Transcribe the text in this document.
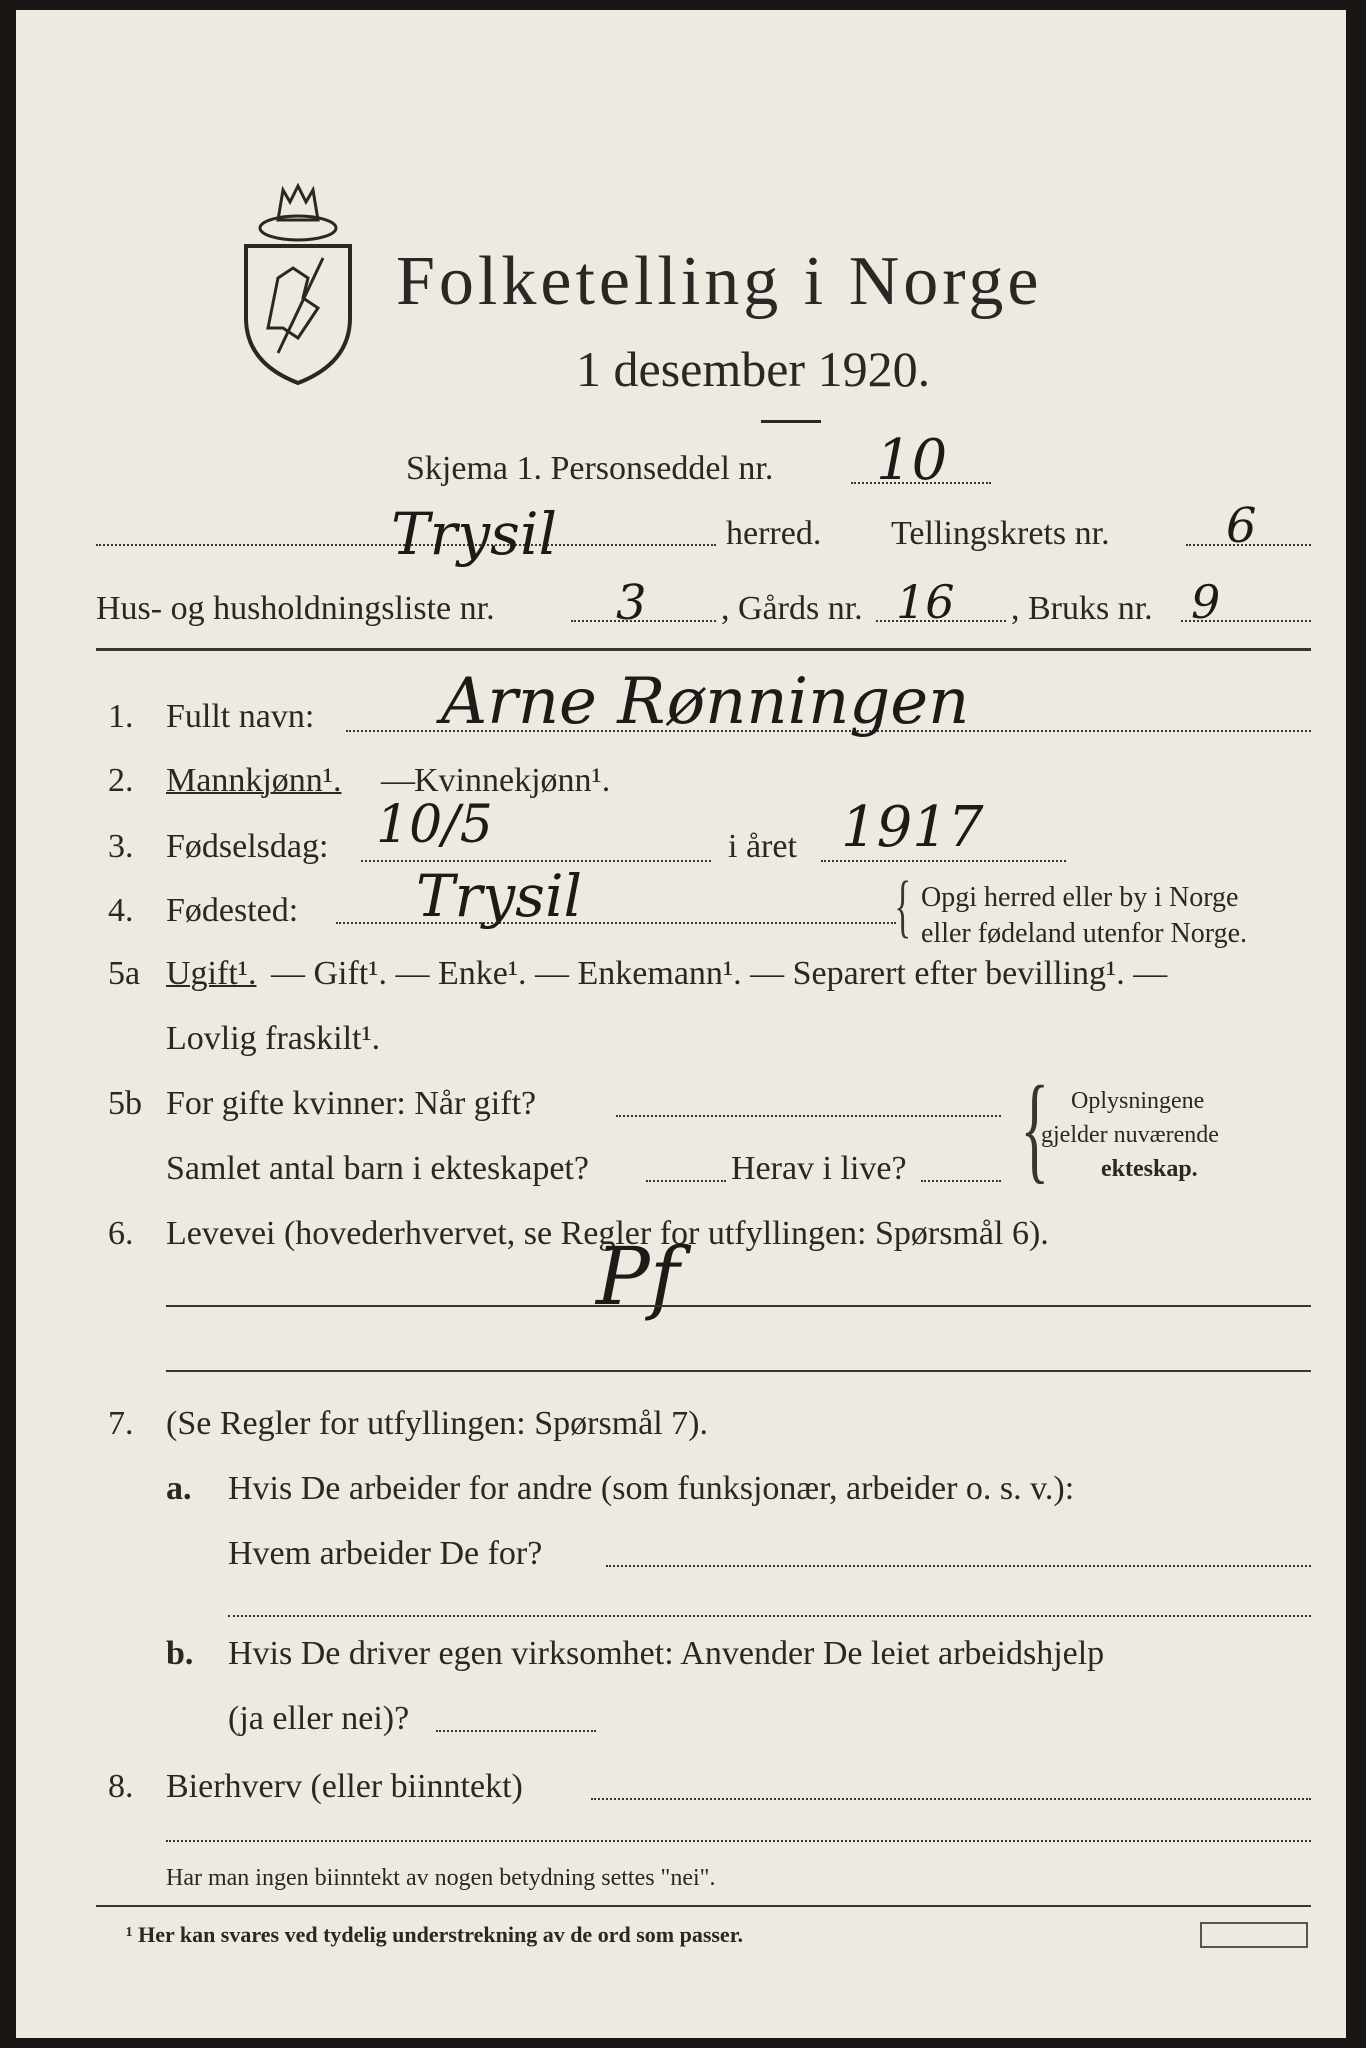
Folketelling i Norge
1 desember 1920.
Skjema 1. Personseddel nr. 10
Trysil	herred. Tellingskrets nr. 6
Hus- og husholdningsliste nr.	3 , Gårds nr. 16 , Bruks nr. 9
1. Fullt navn: Arne Rønningen
2. Mannkjønn¹. — Kvinnekjønn¹.
3. Fødselsdag: 10/5	i året 1917
4. Fødested: Trysil	{ Opgi herred eller by i Norge
eller fødeland utenfor Norge.
5a Ugift¹. — Gift¹. — Enke¹. — Enkemann¹. — Separert efter bevilling¹. —
Lovlig fraskilt¹.
5b For gifte kvinner: Når gift?
Samlet antal barn i ekteskapet?	Herav i live? { Oplysningene
gjelder nuværende
ekteskap.
6. Levevei (hovederhvervet, se Regler for utfyllingen: Spørsmål 6).
Pf
7. (Se Regler for utfyllingen: Spørsmål 7).
a. Hvis De arbeider for andre (som funksjonær, arbeider o. s. v.):
Hvem arbeider De for?
b. Hvis De driver egen virksomhet: Anvender De leiet arbeidshjelp
(ja eller nei)?
8. Bierhverv (eller biinntekt)
Har man ingen biinntekt av nogen betydning settes "nei".
¹ Her kan svares ved tydelig understrekning av de ord som passer.
